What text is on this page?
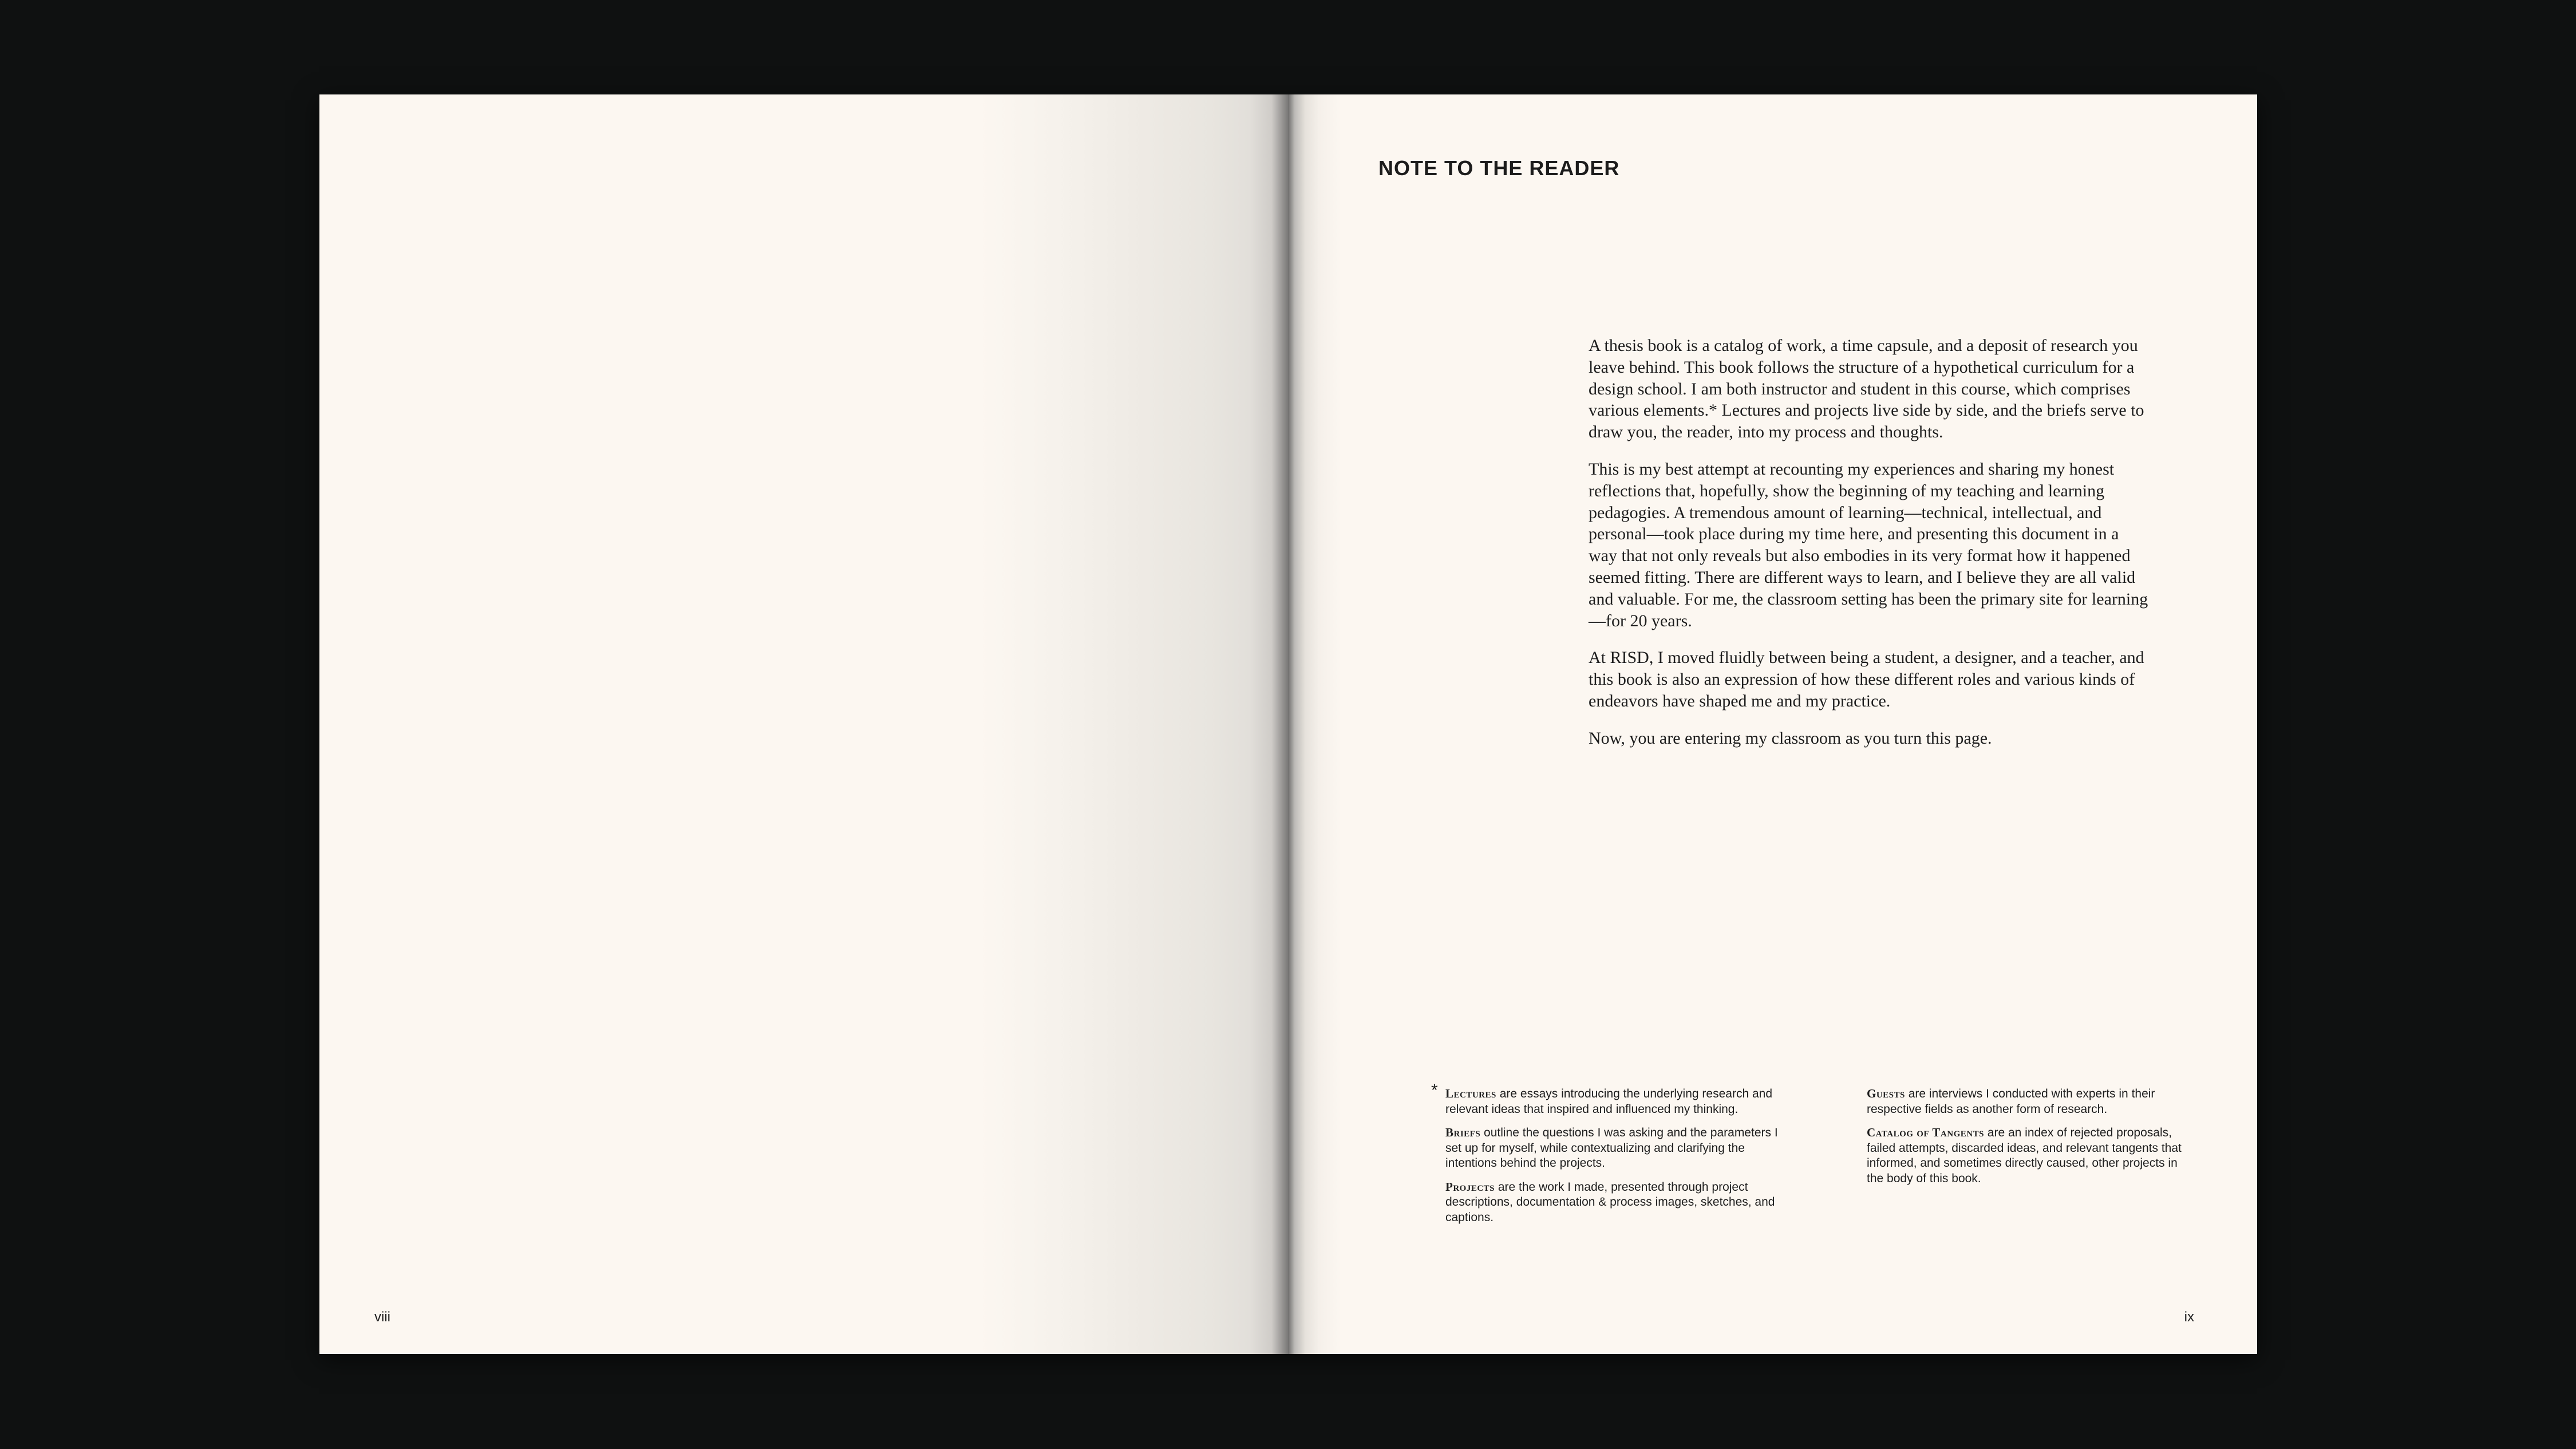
viii
NOTE TO THE READER

A thesis book is a catalog of work, a time capsule, and a deposit of research you leave behind. This book follows the structure of a hypothetical curriculum for a design school. I am both instructor and student in this course, which comprises various elements.* Lectures and projects live side by side, and the briefs serve to draw you, the reader, into my process and thoughts.

This is my best attempt at recounting my experiences and sharing my honest reflections that, hopefully, show the beginning of my teaching and learning pedagogies. A tremendous amount of learning—technical, intellectual, and personal—took place during my time here, and presenting this document in a way that not only reveals but also embodies in its very format how it happened seemed fitting. There are different ways to learn, and I believe they are all valid and valuable. For me, the classroom setting has been the primary site for learning—for 20 years.

At RISD, I moved fluidly between being a student, a designer, and a teacher, and this book is also an expression of how these different roles and various kinds of endeavors have shaped me and my practice.

Now, you are entering my classroom as you turn this page.

* Lectures are essays introducing the underlying research and relevant ideas that inspired and influenced my thinking.

Briefs outline the questions I was asking and the parameters I set up for myself, while contextualizing and clarifying the intentions behind the projects.

Projects are the work I made, presented through project descriptions, documentation & process images, sketches, and captions.

Guests are interviews I conducted with experts in their respective fields as another form of research.

Catalog of Tangents are an index of rejected proposals, failed attempts, discarded ideas, and relevant tangents that informed, and sometimes directly caused, other projects in the body of this book.

ix
